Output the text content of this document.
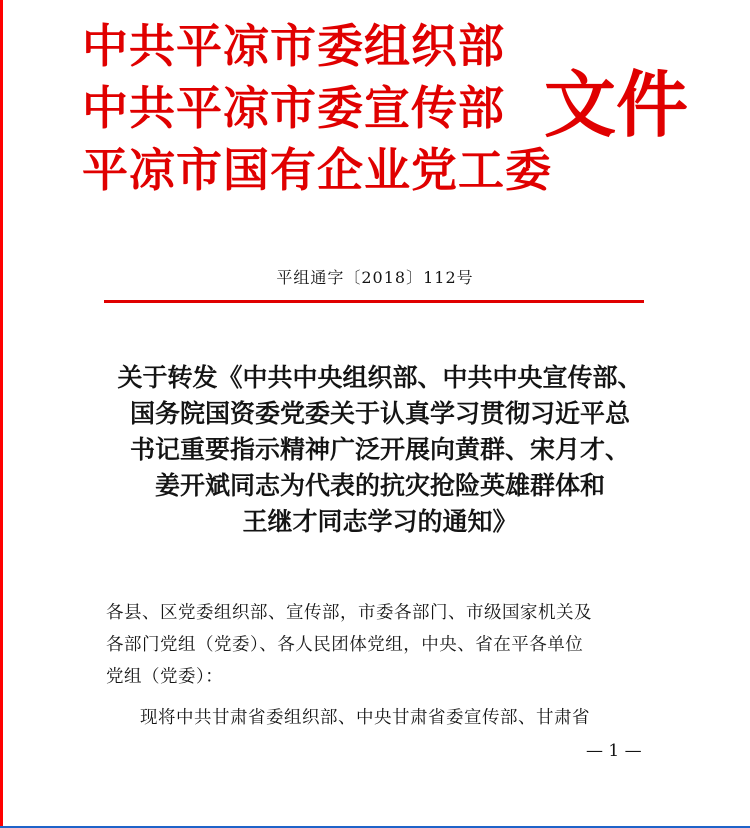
中共平凉市委组织部
中共平凉市委宣传部
平凉市国有企业党工委
文件
平组通字〔2018〕112号
关于转发《中共中央组织部、中共中央宣传部、
国务院国资委党委关于认真学习贯彻习近平总
书记重要指示精神广泛开展向黄群、宋月才、
姜开斌同志为代表的抗灾抢险英雄群体和
王继才同志学习的通知》
各县、区党委组织部、宣传部，市委各部门、市级国家机关及
各部门党组（党委）、各人民团体党组，中央、省在平各单位
党组（党委）：
现将中共甘肃省委组织部、中央甘肃省委宣传部、甘肃省
— 1 —
